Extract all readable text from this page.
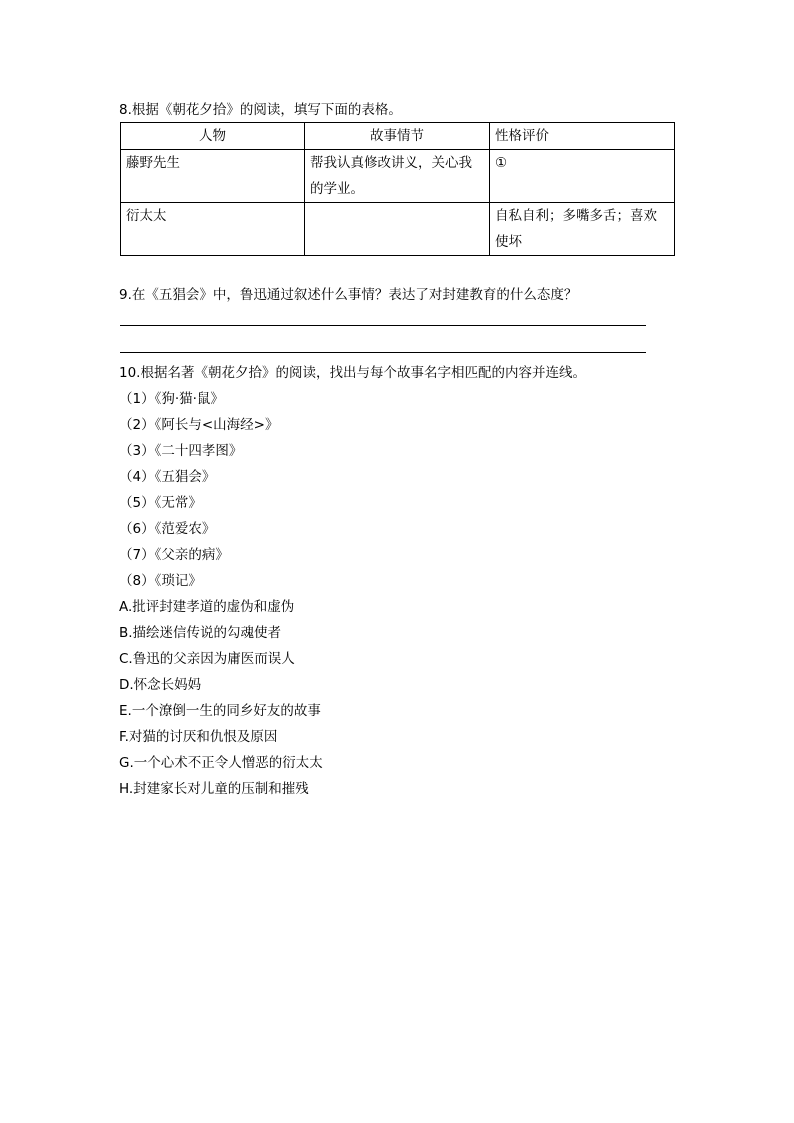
8.根据《朝花夕拾》的阅读，填写下面的表格。
人物	故事情节	性格评价
藤野先生	帮我认真修改讲义，关心我的学业。	①
衍太太		自私自利；多嘴多舌；喜欢使坏
9.在《五猖会》中，鲁迅通过叙述什么事情？表达了对封建教育的什么态度？
10.根据名著《朝花夕拾》的阅读，找出与每个故事名字相匹配的内容并连线。
（1）《狗·猫·鼠》
（2）《阿长与<山海经>》
（3）《二十四孝图》
（4）《五猖会》
（5）《无常》
（6）《范爱农》
（7）《父亲的病》
（8）《琐记》
A.批评封建孝道的虚伪和虚伪
B.描绘迷信传说的勾魂使者
C.鲁迅的父亲因为庸医而误人
D.怀念长妈妈
E.一个潦倒一生的同乡好友的故事
F.对猫的讨厌和仇恨及原因
G.一个心术不正令人憎恶的衍太太
H.封建家长对儿童的压制和摧残
